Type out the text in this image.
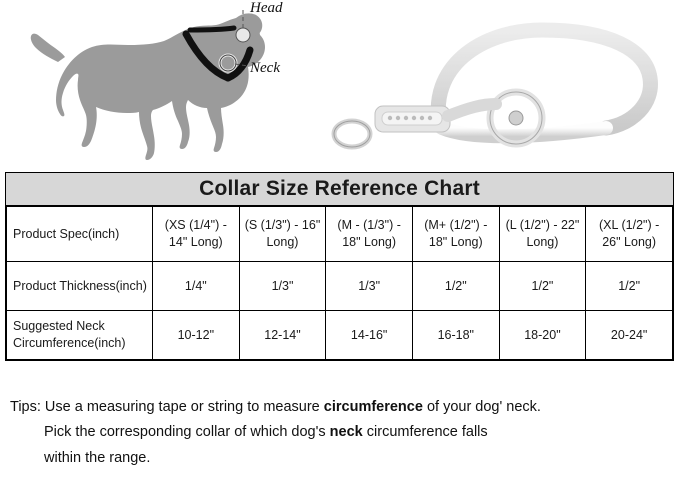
Head
Neck
Collar Size Reference Chart
Product Spec(inch)	(XS (1/4") - 14" Long)	(S (1/3") - 16" Long)	(M - (1/3") - 18" Long)	(M+ (1/2") - 18" Long)	(L (1/2") - 22" Long)	(XL (1/2") - 26" Long)
Product Thickness(inch)	1/4"	1/3"	1/3"	1/2"	1/2"	1/2"
Suggested Neck Circumference(inch)	10-12"	12-14"	14-16"	16-18"	18-20"	20-24"
Tips: Use a measuring tape or string to measure circumference of your dog' neck.
Pick the corresponding collar of which dog's neck circumference falls
within the range.
